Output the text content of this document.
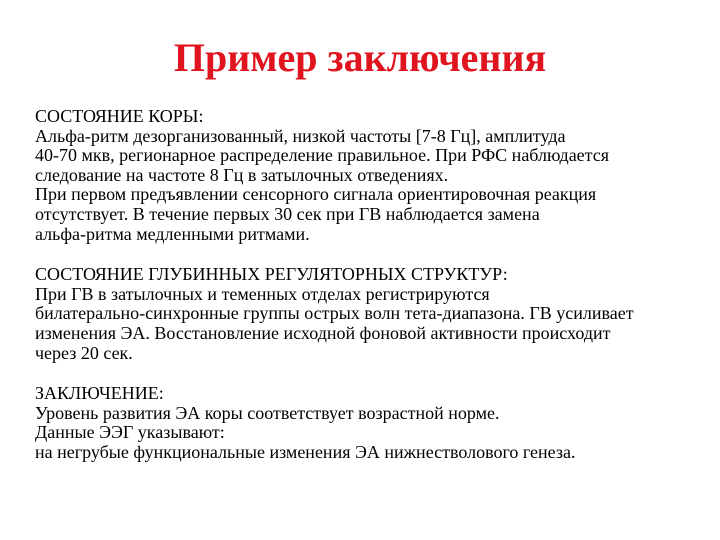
Пример заключения
СОСТОЯНИЕ КОРЫ:
Альфа-ритм дезорганизованный, низкой частоты [7-8 Гц], амплитуда
40-70 мкв, регионарное распределение правильное. При РФС наблюдается
следование на частоте 8 Гц в затылочных отведениях.
При первом предъявлении сенсорного сигнала ориентировочная реакция
отсутствует. В течение первых 30 сек при ГВ наблюдается замена
альфа-ритма медленными ритмами.
СОСТОЯНИЕ ГЛУБИННЫХ РЕГУЛЯТОРНЫХ СТРУКТУР:
При ГВ в затылочных и теменных отделах регистрируются
билатерально-синхронные группы острых волн тета-диапазона. ГВ усиливает
изменения ЭА. Восстановление исходной фоновой активности происходит
через 20 сек.
ЗАКЛЮЧЕНИЕ:
Уровень развития ЭА коры соответствует возрастной норме.
Данные ЭЭГ указывают:
на негрубые функциональные изменения ЭА нижнестволового генеза.
